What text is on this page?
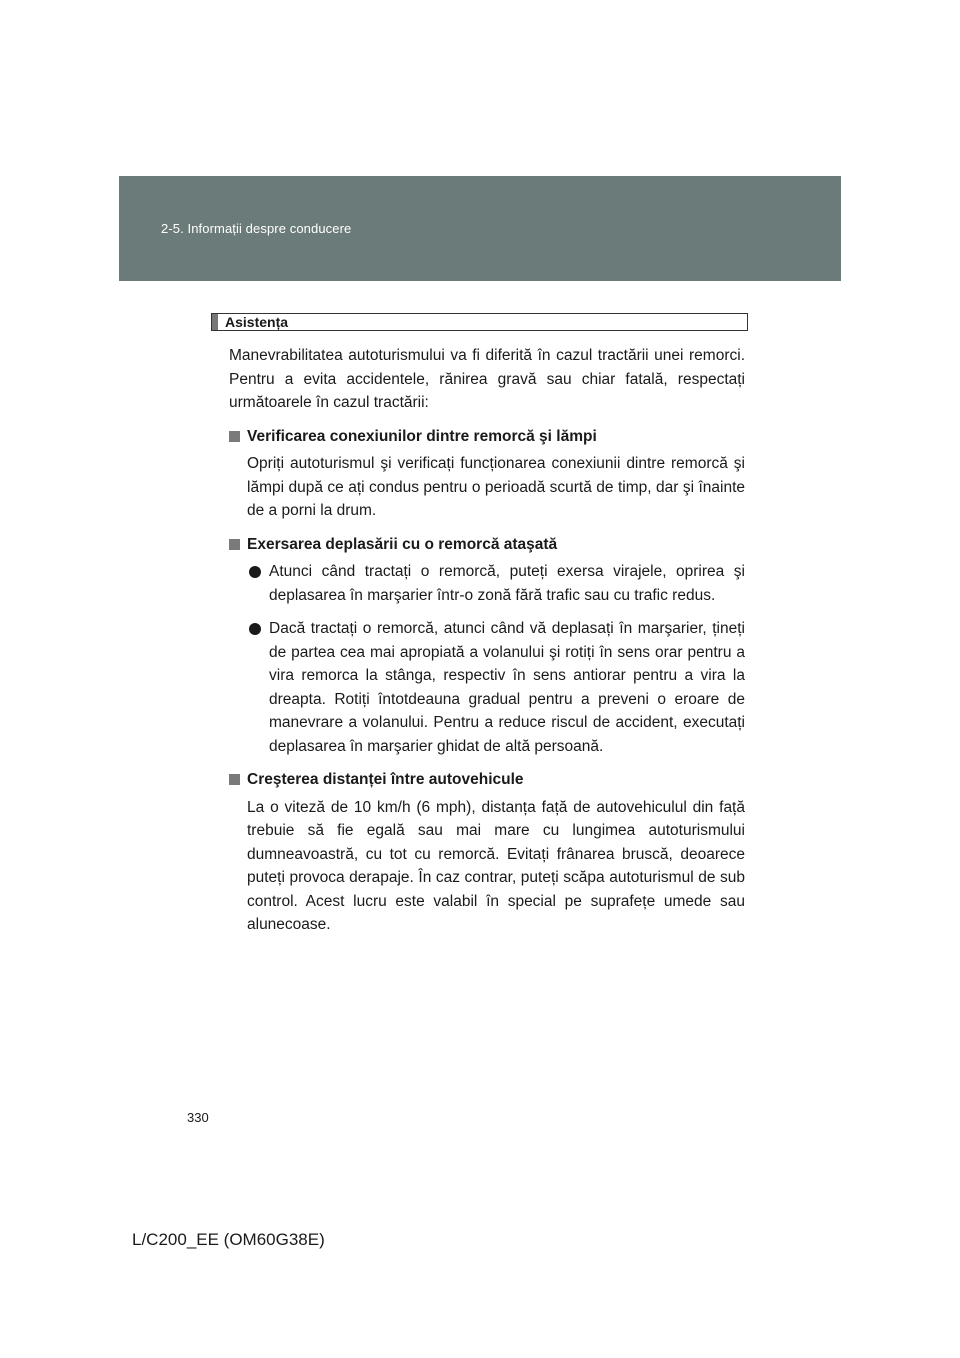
2-5. Informații despre conducere
Asistența

Manevrabilitatea autoturismului va fi diferită în cazul tractării unei remorci. Pentru a evita accidentele, rănirea gravă sau chiar fatală, respectați următoarele în cazul tractării:

Verificarea conexiunilor dintre remorcă şi lămpi

Opriți autoturismul şi verificați funcționarea conexiunii dintre remorcă şi lămpi după ce ați condus pentru o perioadă scurtă de timp, dar şi înainte de a porni la drum.

Exersarea deplasării cu o remorcă ataşată

Atunci când tractați o remorcă, puteți exersa virajele, oprirea şi deplasarea în marşarier într-o zonă fără trafic sau cu trafic redus.

Dacă tractați o remorcă, atunci când vă deplasați în marşarier, țineți de partea cea mai apropiată a volanului şi rotiți în sens orar pentru a vira remorca la stânga, respectiv în sens antiorar pentru a vira la dreapta. Rotiți întotdeauna gradual pentru a preveni o eroare de manevrare a volanului. Pentru a reduce riscul de accident, executați deplasarea în marşarier ghidat de altă persoană.

Creşterea distanței între autovehicule

La o viteză de 10 km/h (6 mph), distanța față de autovehiculul din față trebuie să fie egală sau mai mare cu lungimea autoturismului dumneavoastră, cu tot cu remorcă. Evitați frânarea bruscă, deoarece puteți provoca derapaje. În caz contrar, puteți scăpa autoturismul de sub control. Acest lucru este valabil în special pe suprafețe umede sau alunecoase.

330
L/C200_EE (OM60G38E)
